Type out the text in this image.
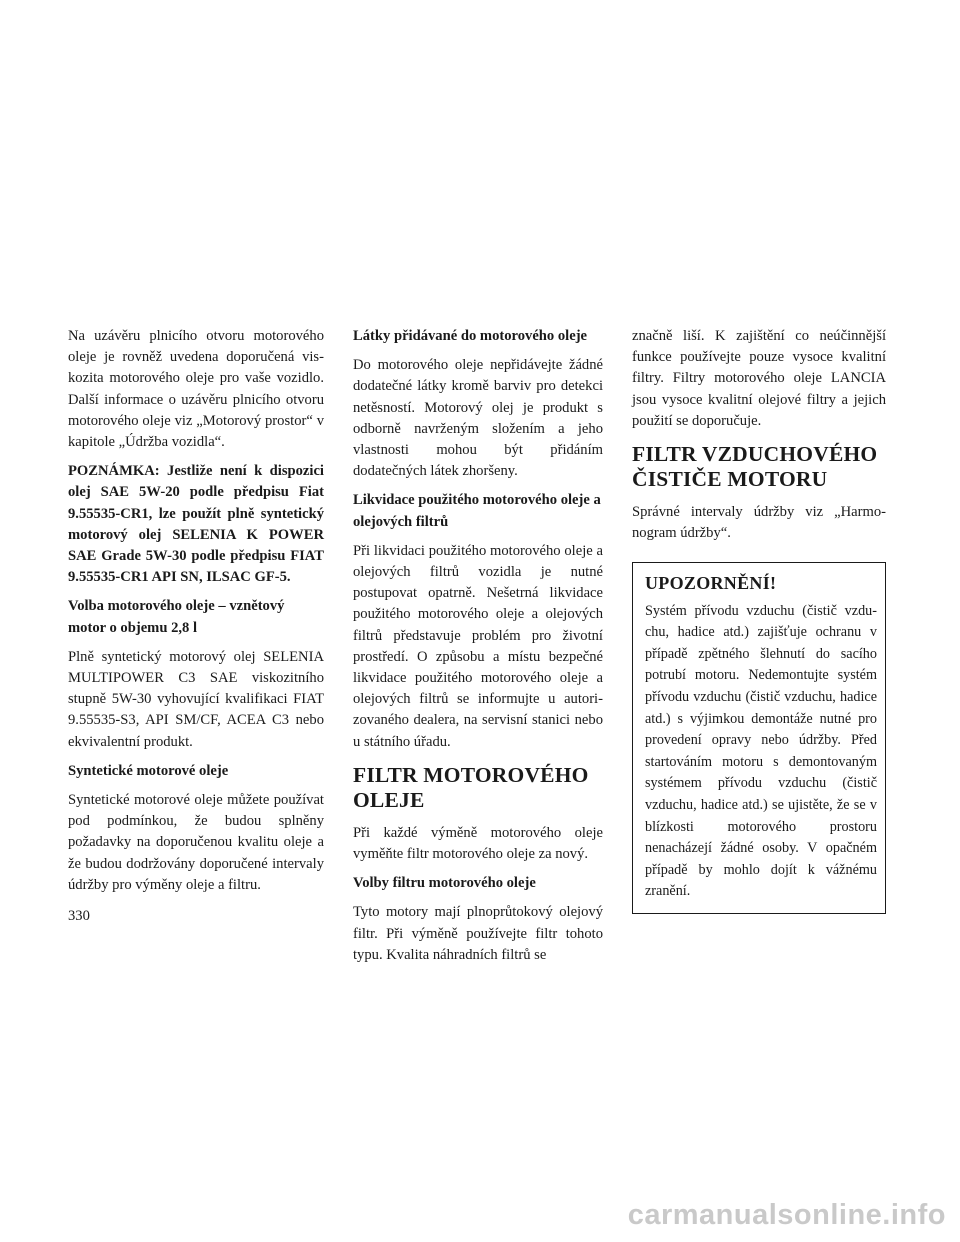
Na uzávěru plnicího otvoru motorového oleje je rovněž uvedena doporučená viskozita motorového oleje pro vaše vozidlo. Další informace o uzávěru plnicího otvoru motorového oleje viz „Motorový prostor“ v kapitole „Údržba vozidla“.

POZNÁMKA: Jestliže není k dispozici olej SAE 5W-20 podle předpisu Fiat 9.55535-CR1, lze použít plně syntetický motorový olej SELENIA K POWER SAE Grade 5W-30 podle předpisu FIAT 9.55535-CR1 API SN, ILSAC GF-5.

Volba motorového oleje – vznětový motor o objemu 2,8 l

Plně syntetický motorový olej SELENIA MULTIPOWER C3 SAE viskozitního stupně 5W-30 vyhovující kvalifikaci FIAT 9.55535-S3, API SM/CF, ACEA C3 nebo ekvivalentní produkt.

Syntetické motorové oleje

Syntetické motorové oleje můžete používat pod podmínkou, že budou splněny požadavky na doporučenou kvalitu oleje a že budou dodržovány doporučené intervaly údržby pro výměny oleje a filtru.

Látky přidávané do motorového oleje

Do motorového oleje nepřidávejte žádné dodatečné látky kromě barviv pro detekci netěsností. Motorový olej je produkt s odborně navrženým složením a jeho vlastnosti mohou být přidáním dodatečných látek zhoršeny.

Likvidace použitého motorového oleje a olejových filtrů

Při likvidaci použitého motorového oleje a olejových filtrů vozidla je nutné postupovat opatrně. Nešetrná likvidace použitého motorového oleje a olejových filtrů představuje problém pro životní prostředí. O způsobu a místu bezpečné likvidace použitého motorového oleje a olejových filtrů se informujte u autorizovaného dealera, na servisní stanici nebo u státního úřadu.

FILTR MOTOROVÉHO OLEJE

Při každé výměně motorového oleje vyměňte filtr motorového oleje za nový.

Volby filtru motorového oleje

Tyto motory mají plnoprůtokový olejový filtr. Při výměně používejte filtr tohoto typu. Kvalita náhradních filtrů se

značně liší. K zajištění co neúčinnější funkce používejte pouze vysoce kvalitní filtry. Filtry motorového oleje LANCIA jsou vysoce kvalitní olejové filtry a jejich použití se doporučuje.

FILTR VZDUCHOVÉHO ČISTIČE MOTORU

Správné intervaly údržby viz „Harmonogram údržby“.

UPOZORNĚNÍ!

Systém přívodu vzduchu (čistič vzduchu, hadice atd.) zajišťuje ochranu v případě zpětného šlehnutí do sacího potrubí motoru. Nedemontujte systém přívodu vzduchu (čistič vzduchu, hadice atd.) s výjimkou demontáže nutné pro provedení opravy nebo údržby. Před startováním motoru s demontovaným systémem přívodu vzduchu (čistič vzduchu, hadice atd.) se ujistěte, že se v blízkosti motorového prostoru nenacházejí žádné osoby. V opačném případě by mohlo dojít k vážnému zranění.

330
carmanualsonline.info
